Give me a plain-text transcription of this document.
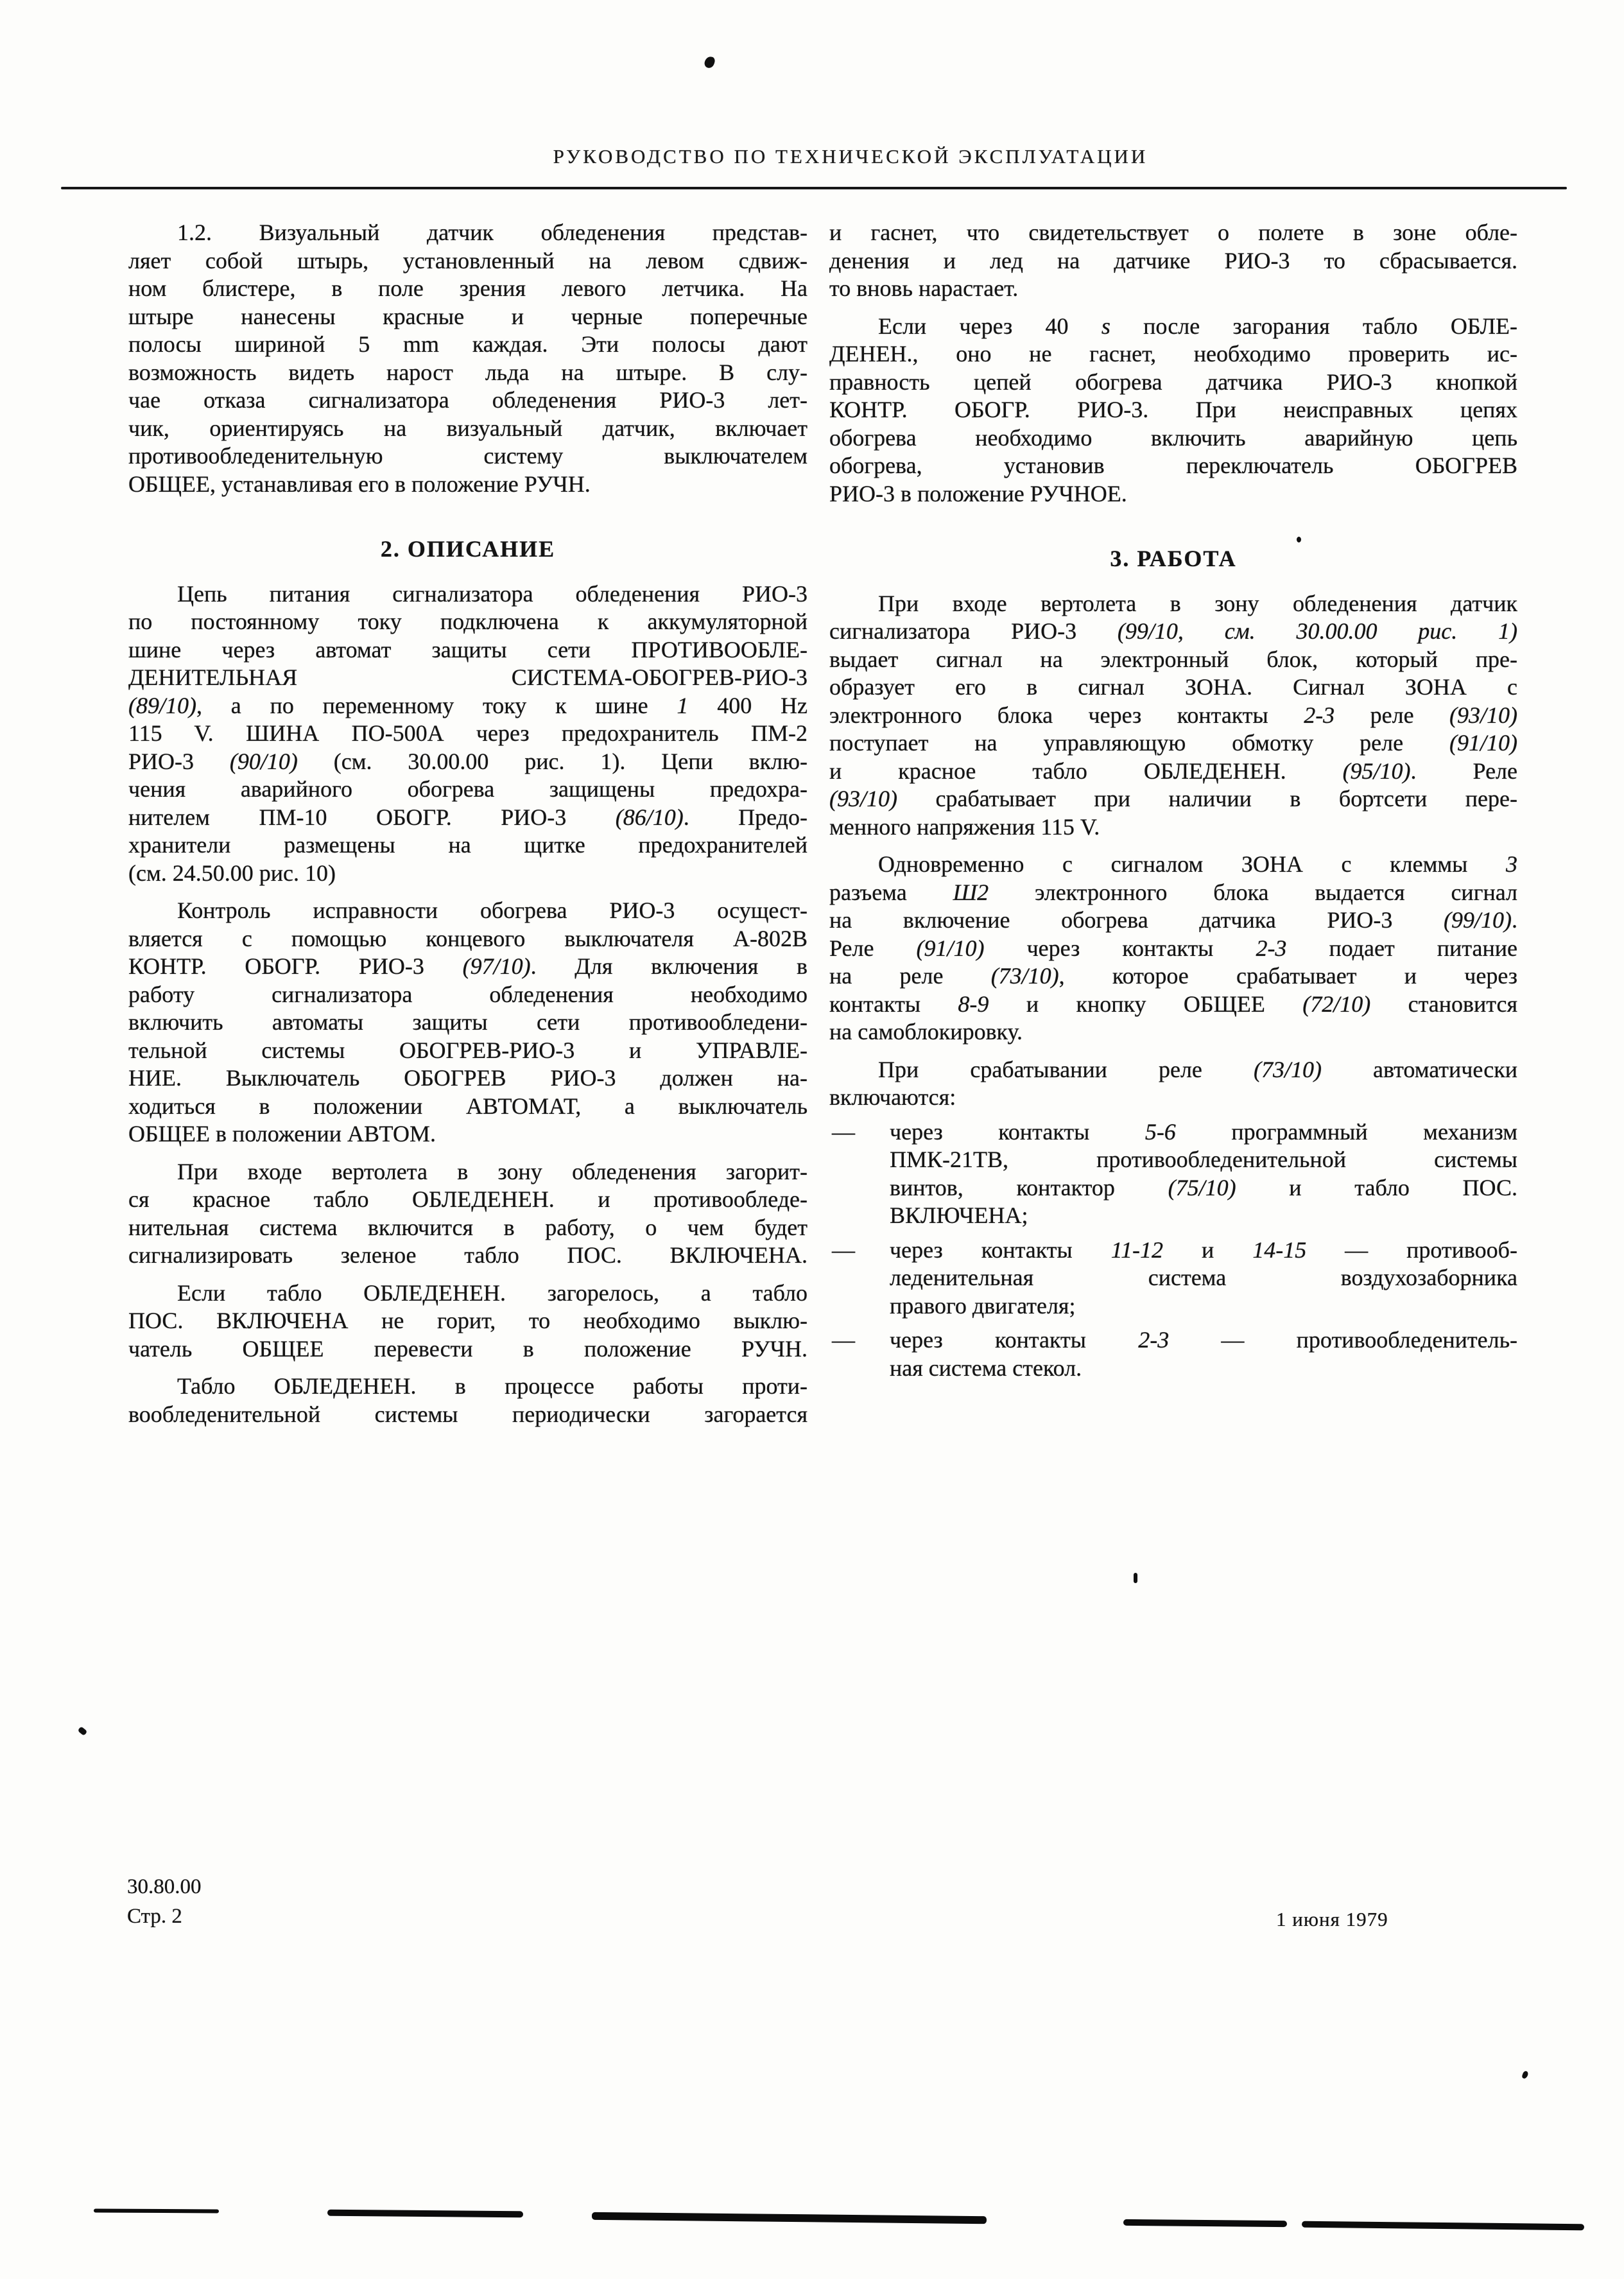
РУКОВОДСТВО ПО ТЕХНИЧЕСКОЙ ЭКСПЛУАТАЦИИ
1.2. Визуальный датчик обледенения представ-
ляет собой штырь, установленный на левом сдвиж-
ном блистере, в поле зрения левого летчика. На
штыре нанесены красные и черные поперечные
полосы шириной 5 mm каждая. Эти полосы дают
возможность видеть нарост льда на штыре. В слу-
чае отказа сигнализатора обледенения РИО-3 лет-
чик, ориентируясь на визуальный датчик, включает
противообледенительную систему выключателем
ОБЩЕЕ, устанавливая его в положение РУЧН.
2. ОПИСАНИЕ
Цепь питания сигнализатора обледенения РИО-3
по постоянному току подключена к аккумуляторной
шине через автомат защиты сети ПРОТИВООБЛЕ-
ДЕНИТЕЛЬНАЯ СИСТЕМА-ОБОГРЕВ-РИО-3
(89/10), а по переменному току к шине 1 400 Hz
115 V. ШИНА ПО-500А через предохранитель ПМ-2
РИО-3 (90/10) (см. 30.00.00 рис. 1). Цепи вклю-
чения аварийного обогрева защищены предохра-
нителем ПМ-10 ОБОГР. РИО-3 (86/10). Предо-
хранители размещены на щитке предохранителей
(см. 24.50.00 рис. 10)
Контроль исправности обогрева РИО-3 осущест-
вляется с помощью концевого выключателя А-802В
КОНТР. ОБОГР. РИО-3 (97/10). Для включения в
работу сигнализатора обледенения необходимо
включить автоматы защиты сети противообледени-
тельной системы ОБОГРЕВ-РИО-3 и УПРАВЛЕ-
НИЕ. Выключатель ОБОГРЕВ РИО-3 должен на-
ходиться в положении АВТОМАТ, а выключатель
ОБЩЕЕ в положении АВТОМ.
При входе вертолета в зону обледенения загорит-
ся красное табло ОБЛЕДЕНЕН. и противообледе-
нительная система включится в работу, о чем будет
сигнализировать зеленое табло ПОС. ВКЛЮЧЕНА.
Если табло ОБЛЕДЕНЕН. загорелось, а табло
ПОС. ВКЛЮЧЕНА не горит, то необходимо выклю-
чатель ОБЩЕЕ перевести в положение РУЧН.
Табло ОБЛЕДЕНЕН. в процессе работы проти-
вообледенительной системы периодически загорается
и гаснет, что свидетельствует о полете в зоне обле-
денения и лед на датчике РИО-3 то сбрасывается.
то вновь нарастает.
Если через 40 s после загорания табло ОБЛЕ-
ДЕНЕН., оно не гаснет, необходимо проверить ис-
правность цепей обогрева датчика РИО-3 кнопкой
КОНТР. ОБОГР. РИО-3. При неисправных цепях
обогрева необходимо включить аварийную цепь
обогрева, установив переключатель ОБОГРЕВ
РИО-3 в положение РУЧНОЕ.
3. РАБОТА
При входе вертолета в зону обледенения датчик
сигнализатора РИО-3 (99/10, см. 30.00.00 рис. 1)
выдает сигнал на электронный блок, который пре-
образует его в сигнал ЗОНА. Сигнал ЗОНА с
электронного блока через контакты 2-3 реле (93/10)
поступает на управляющую обмотку реле (91/10)
и красное табло ОБЛЕДЕНЕН. (95/10). Реле
(93/10) срабатывает при наличии в бортсети пере-
менного напряжения 115 V.
Одновременно с сигналом ЗОНА с клеммы 3
разъема Ш2 электронного блока выдается сигнал
на включение обогрева датчика РИО-3 (99/10).
Реле (91/10) через контакты 2-3 подает питание
на реле (73/10), которое срабатывает и через
контакты 8-9 и кнопку ОБЩЕЕ (72/10) становится
на самоблокировку.
При срабатывании реле (73/10) автоматически
включаются:
— через контакты 5-6 программный механизм
ПМК-21ТВ, противообледенительной системы
винтов, контактор (75/10) и табло ПОС.
ВКЛЮЧЕНА;
— через контакты 11-12 и 14-15 — противооб-
леденительная система воздухозаборника
правого двигателя;
— через контакты 2-3 — противообледенитель-
ная система стекол.
30.80.00
Стр. 2	1 июня 1979
